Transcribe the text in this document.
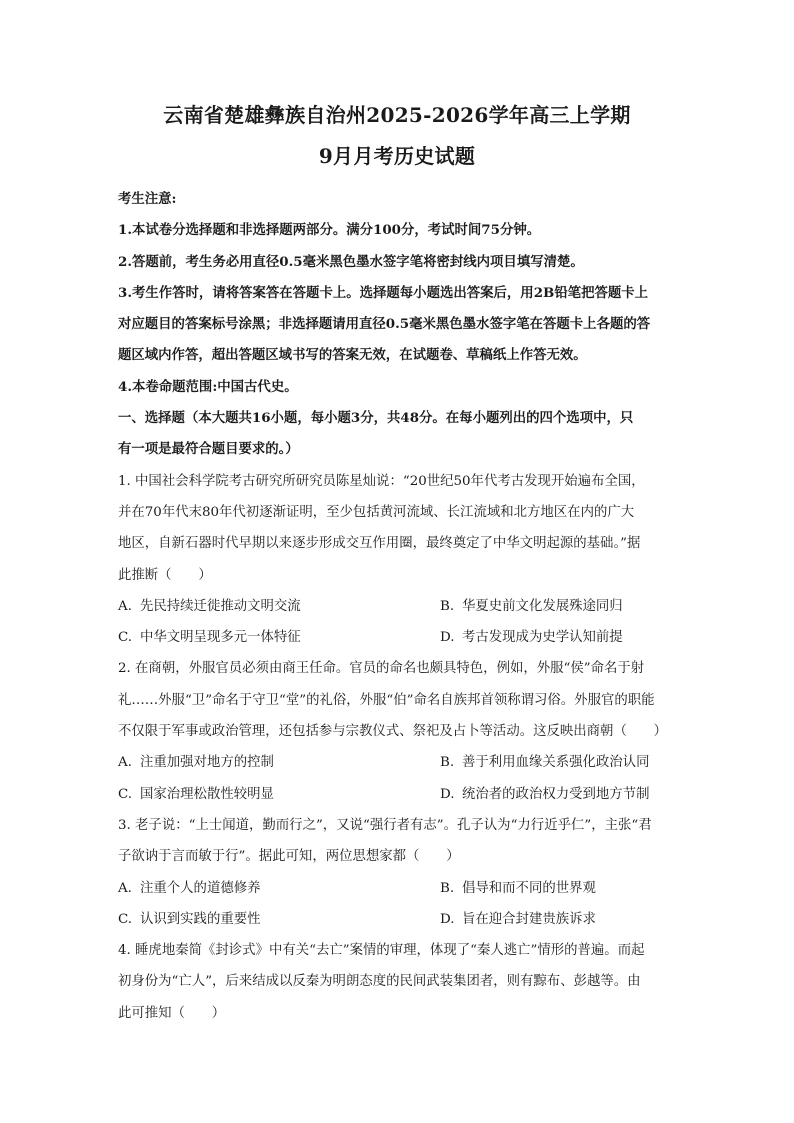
云南省楚雄彝族自治州2025-2026学年高三上学期
9月月考历史试题

考生注意:

1.本试卷分选择题和非选择题两部分。满分100分，考试时间75分钟。

2.答题前，考生务必用直径0.5毫米黑色墨水签字笔将密封线内项目填写清楚。

3.考生作答时，请将答案答在答题卡上。选择题每小题选出答案后，用2B铅笔把答题卡上

对应题目的答案标号涂黑；非选择题请用直径0.5毫米黑色墨水签字笔在答题卡上各题的答

题区域内作答，超出答题区域书写的答案无效，在试题卷、草稿纸上作答无效。

4.本卷命题范围:中国古代史。

一、选择题（本大题共16小题，每小题3分，共48分。在每小题列出的四个选项中，只

有一项是最符合题目要求的。）

1. 中国社会科学院考古研究所研究员陈星灿说：“20世纪50年代考古发现开始遍布全国，

并在70年代末80年代初逐渐证明，至少包括黄河流域、长江流域和北方地区在内的广大

地区，自新石器时代早期以来逐步形成交互作用圈，最终奠定了中华文明起源的基础。”据

此推断（　　）

A. 先民持续迁徙推动文明交流	B. 华夏史前文化发展殊途同归
C. 中华文明呈现多元一体特征	D. 考古发现成为史学认知前提

2. 在商朝，外服官员必须由商王任命。官员的命名也颇具特色，例如，外服“侯”命名于射

礼……外服“卫”命名于守卫“堂”的礼俗，外服“伯”命名自族邦首领称谓习俗。外服官的职能

不仅限于军事或政治管理，还包括参与宗教仪式、祭祀及占卜等活动。这反映出商朝（　　）

A. 注重加强对地方的控制	B. 善于利用血缘关系强化政治认同
C. 国家治理松散性较明显	D. 统治者的政治权力受到地方节制

3. 老子说：“上士闻道，勤而行之”，又说“强行者有志”。孔子认为“力行近乎仁”，主张“君

子欲讷于言而敏于行”。据此可知，两位思想家都（　　）

A. 注重个人的道德修养	B. 倡导和而不同的世界观
C. 认识到实践的重要性	D. 旨在迎合封建贵族诉求

4. 睡虎地秦简《封诊式》中有关“去亡”案情的审理，体现了“秦人逃亡”情形的普遍。而起

初身份为“亡人”，后来结成以反秦为明朗态度的民间武装集团者，则有黥布、彭越等。由

此可推知（　　）
